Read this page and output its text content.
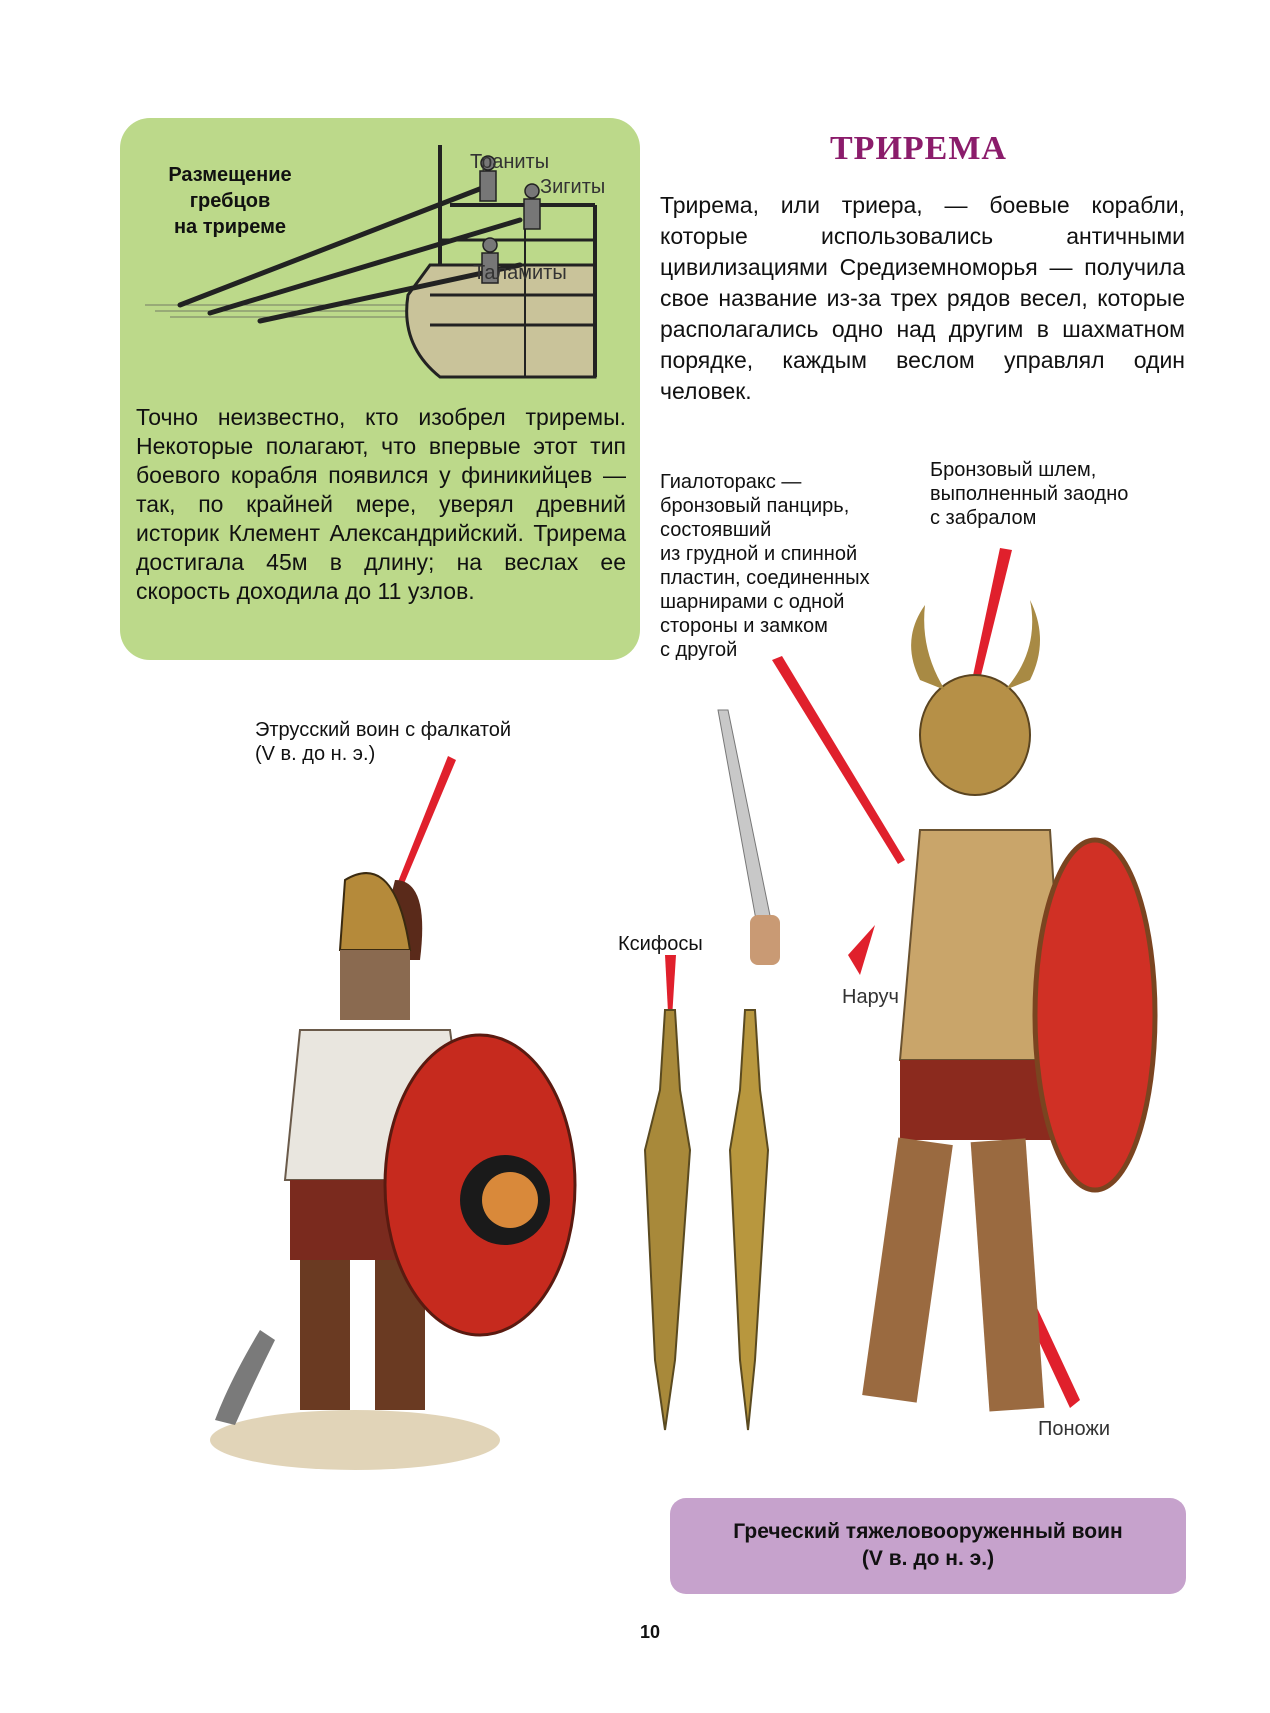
Размещение
гребцов
на триреме
Траниты
Зигиты
Таламиты
Точно неизвестно, кто изобрел триремы. Некоторые полагают, что впервые этот тип боевого корабля появился у финикийцев — так, по крайней мере, уверял древний историк Клемент Александрийский. Трирема достигала 45м в длину; на веслах ее скорость доходила до 11 узлов.
ТРИРЕМА
Трирема, или триера, — боевые корабли, которые использовались античными цивилизациями Средиземноморья — получила свое название из-за трех рядов весел, которые располагались одно над другим в шахматном порядке, каждым веслом управлял один человек.
Гиалоторакс —
бронзовый панцирь,
состоявший
из грудной и спинной
пластин, соединенных
шарнирами с одной
стороны и замком
с другой
Бронзовый шлем,
выполненный заодно
с забралом
Этрусский воин с фалкатой
(V в. до н. э.)
Ксифосы
Наруч
Поножи
Греческий тяжеловооруженный воин
(V в. до н. э.)
10
